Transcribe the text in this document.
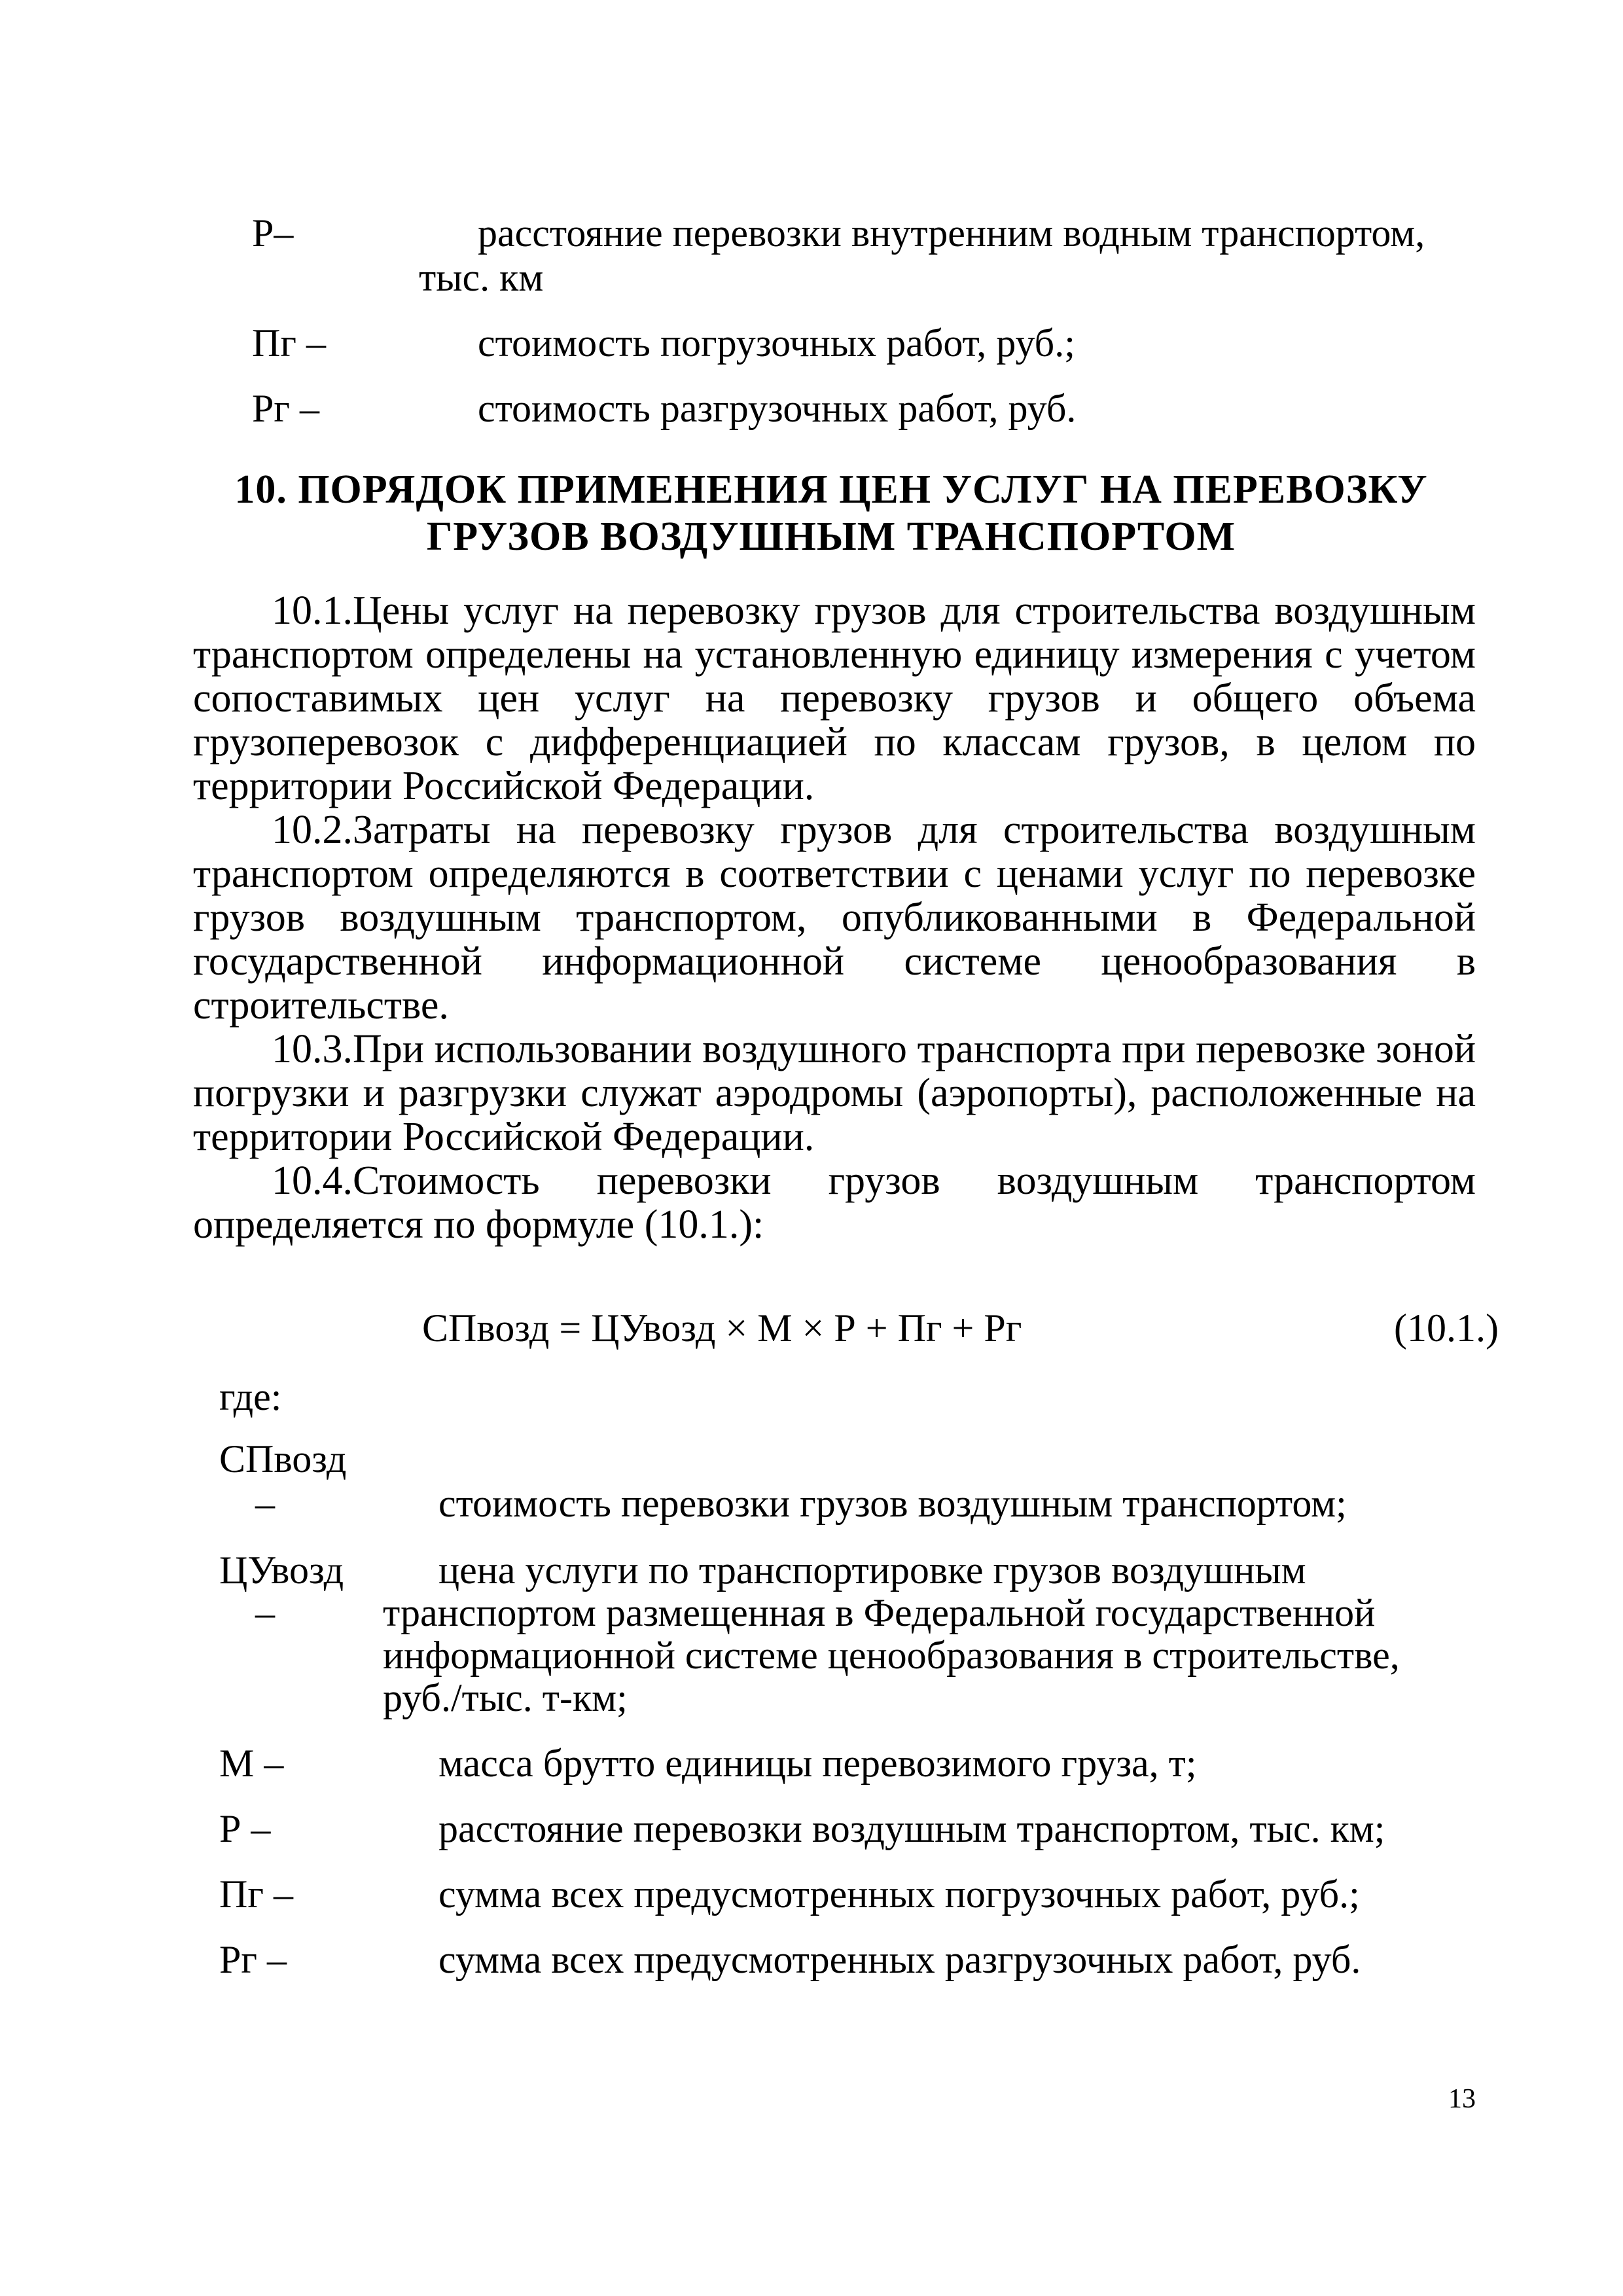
Р–	расстояние перевозки внутренним водным транспортом,
тыс. км
Пг –	стоимость погрузочных работ, руб.;
Рг –	стоимость разгрузочных работ, руб.
10. ПОРЯДОК ПРИМЕНЕНИЯ ЦЕН УСЛУГ НА ПЕРЕВОЗКУ
ГРУЗОВ ВОЗДУШНЫМ ТРАНСПОРТОМ
10.1.Цены услуг на перевозку грузов для строительства воздушным
транспортом определены на установленную единицу измерения с учетом
сопоставимых цен услуг на перевозку грузов и общего объема
грузоперевозок с дифференциацией по классам грузов, в целом по
территории Российской Федерации.
10.2.Затраты на перевозку грузов для строительства воздушным
транспортом определяются в соответствии с ценами услуг по перевозке
грузов воздушным транспортом, опубликованными в Федеральной
государственной информационной системе ценообразования в
строительстве.
10.3.При использовании воздушного транспорта при перевозке зоной
погрузки и разгрузки служат аэродромы (аэропорты), расположенные на
территории Российской Федерации.
10.4.Стоимость перевозки грузов воздушным транспортом
определяется по формуле (10.1.):
СПвозд = ЦУвозд × М × Р + Пг + Рг	(10.1.)
где:
СПвозд
–	стоимость перевозки грузов воздушным транспортом;
ЦУвозд
–
цена услуги по транспортировке грузов воздушным
транспортом размещенная в Федеральной государственной
информационной системе ценообразования в строительстве,
руб./тыс. т-км;
М –	масса брутто единицы перевозимого груза, т;
Р –	расстояние перевозки воздушным транспортом, тыс. км;
Пг –	сумма всех предусмотренных погрузочных работ, руб.;
Рг –	сумма всех предусмотренных разгрузочных работ, руб.
13
